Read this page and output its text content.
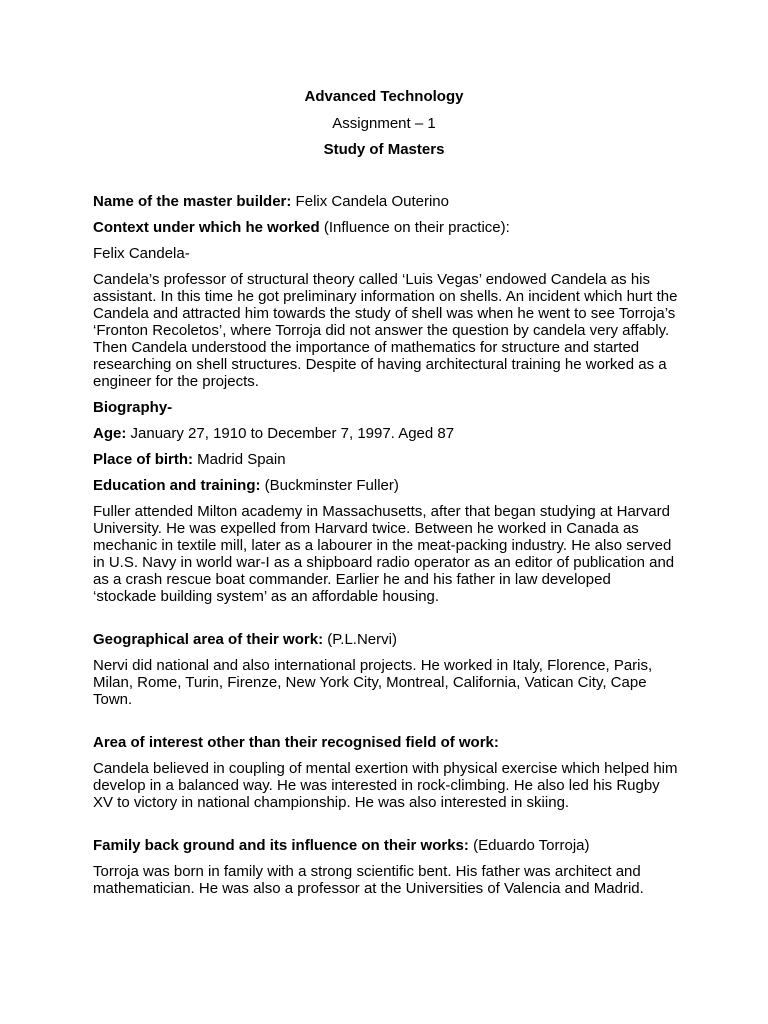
Advanced Technology
Assignment – 1
Study of Masters

Name of the master builder: Felix Candela Outerino

Context under which he worked (Influence on their practice):

Felix Candela-

Candela’s professor of structural theory called ‘Luis Vegas’ endowed Candela as his assistant. In this time he got preliminary information on shells. An incident which hurt the Candela and attracted him towards the study of shell was when he went to see Torroja’s ‘Fronton Recoletos’, where Torroja did not answer the question by candela very affably. Then Candela understood the importance of mathematics for structure and started researching on shell structures. Despite of having architectural training he worked as a engineer for the projects.

Biography-

Age: January 27, 1910 to December 7, 1997. Aged 87

Place of birth: Madrid Spain

Education and training: (Buckminster Fuller)

Fuller attended Milton academy in Massachusetts, after that began studying at Harvard University. He was expelled from Harvard twice. Between he worked in Canada as mechanic in textile mill, later as a labourer in the meat-packing industry. He also served in U.S. Navy in world war-I as a shipboard radio operator as an editor of publication and as a crash rescue boat commander. Earlier he and his father in law developed ‘stockade building system’ as an affordable housing.

Geographical area of their work: (P.L.Nervi)

Nervi did national and also international projects. He worked in Italy, Florence, Paris, Milan, Rome, Turin, Firenze, New York City, Montreal, California, Vatican City, Cape Town.

Area of interest other than their recognised field of work:

Candela believed in coupling of mental exertion with physical exercise which helped him develop in a balanced way. He was interested in rock-climbing. He also led his Rugby XV to victory in national championship. He was also interested in skiing.

Family back ground and its influence on their works: (Eduardo Torroja)

Torroja was born in family with a strong scientific bent. His father was architect and mathematician. He was also a professor at the Universities of Valencia and Madrid.
